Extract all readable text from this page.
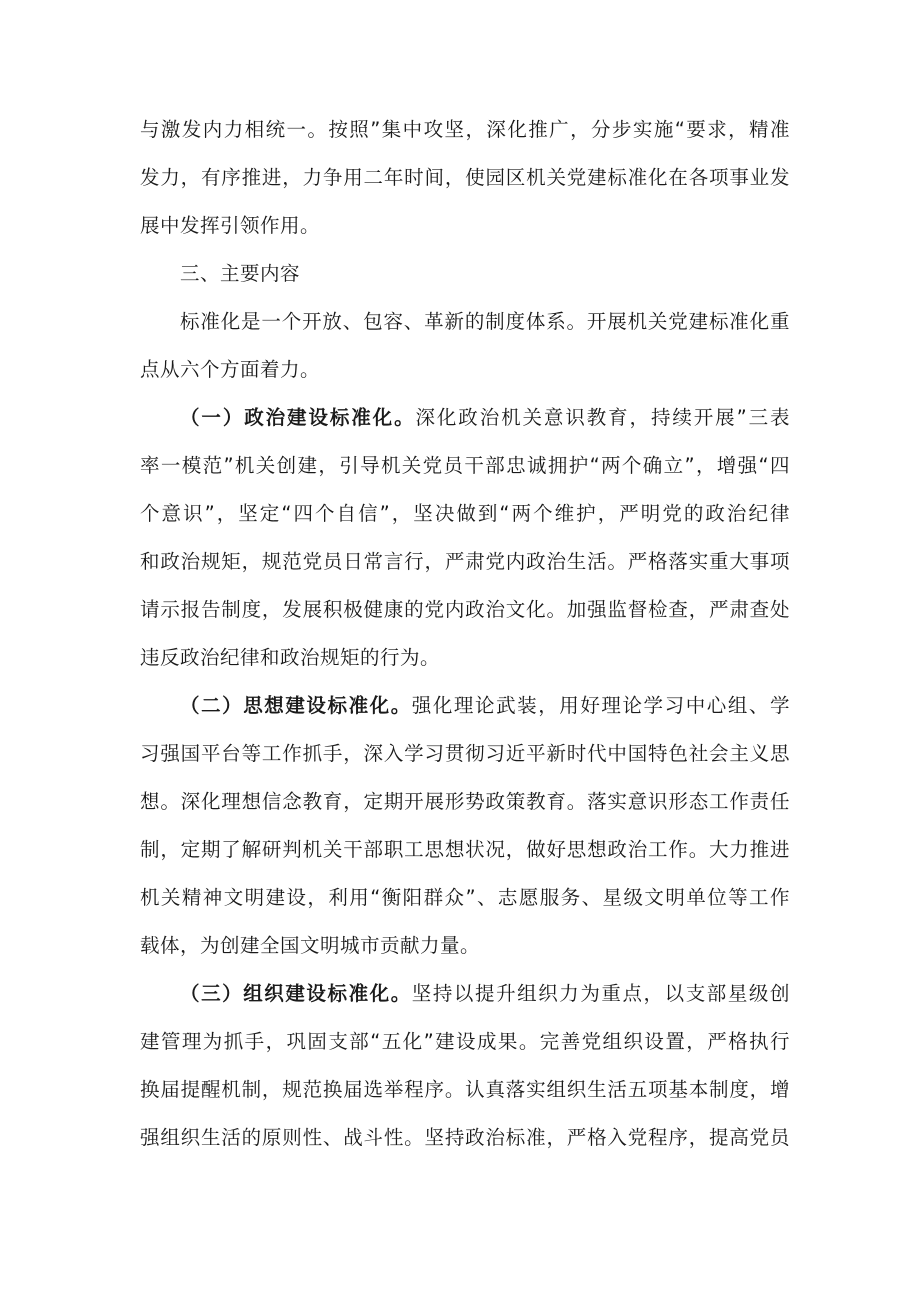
与激发内力相统一。按照”集中攻坚，深化推广，分步实施“要求，精准
发力，有序推进，力争用二年时间，使园区机关党建标准化在各项事业发
展中发挥引领作用。
三、主要内容
标准化是一个开放、包容、革新的制度体系。开展机关党建标准化重
点从六个方面着力。
（一）政治建设标准化。深化政治机关意识教育，持续开展”三表
率一模范”机关创建，引导机关党员干部忠诚拥护“两个确立”，增强“四
个意识”，坚定“四个自信”，坚决做到“两个维护，严明党的政治纪律
和政治规矩，规范党员日常言行，严肃党内政治生活。严格落实重大事项
请示报告制度，发展积极健康的党内政治文化。加强监督检查，严肃查处
违反政治纪律和政治规矩的行为。
（二）思想建设标准化。强化理论武装，用好理论学习中心组、学
习强国平台等工作抓手，深入学习贯彻习近平新时代中国特色社会主义思
想。深化理想信念教育，定期开展形势政策教育。落实意识形态工作责任
制，定期了解研判机关干部职工思想状况，做好思想政治工作。大力推进
机关精神文明建设，利用“衡阳群众”、志愿服务、星级文明单位等工作
载体，为创建全国文明城市贡献力量。
（三）组织建设标准化。坚持以提升组织力为重点，以支部星级创
建管理为抓手，巩固支部“五化”建设成果。完善党组织设置，严格执行
换届提醒机制，规范换届选举程序。认真落实组织生活五项基本制度，增
强组织生活的原则性、战斗性。坚持政治标准，严格入党程序，提高党员
